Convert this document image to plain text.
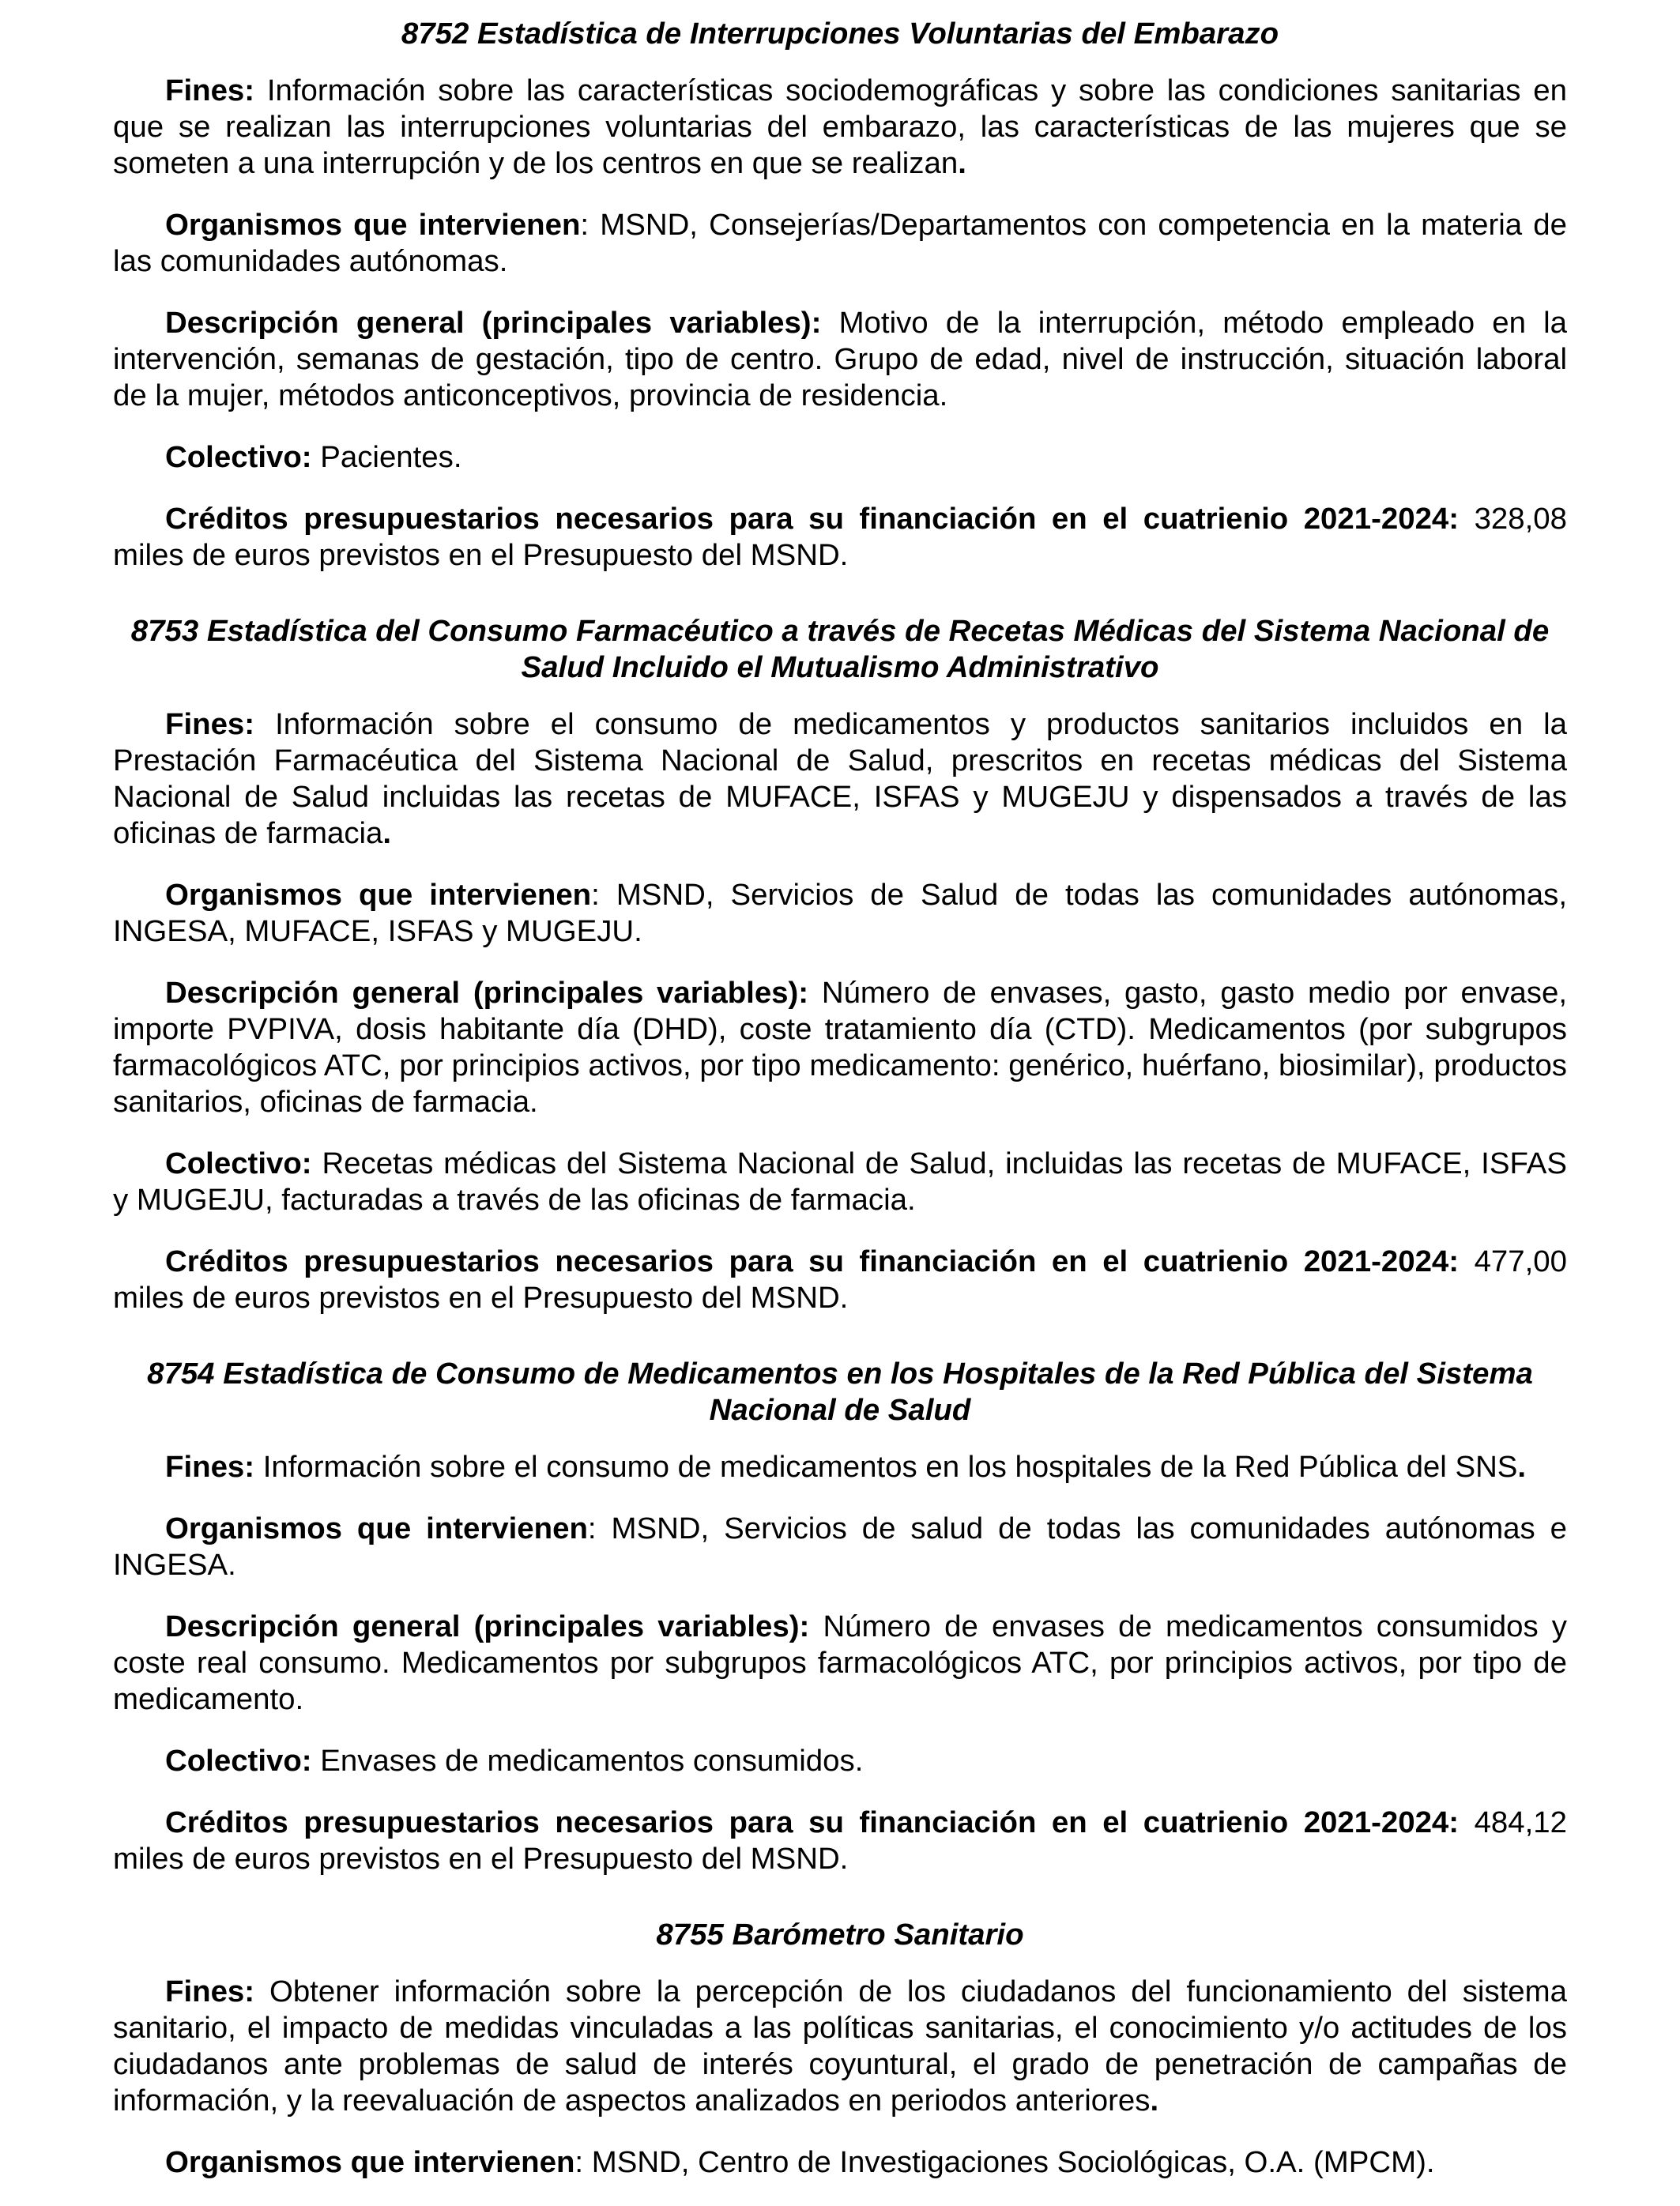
8752 Estadística de Interrupciones Voluntarias del Embarazo

Fines: Información sobre las características sociodemográficas y sobre las condiciones sanitarias en que se realizan las interrupciones voluntarias del embarazo, las características de las mujeres que se someten a una interrupción y de los centros en que se realizan.

Organismos que intervienen: MSND, Consejerías/Departamentos con competencia en la materia de las comunidades autónomas.

Descripción general (principales variables): Motivo de la interrupción, método empleado en la intervención, semanas de gestación, tipo de centro. Grupo de edad, nivel de instrucción, situación laboral de la mujer, métodos anticonceptivos, provincia de residencia.

Colectivo: Pacientes.

Créditos presupuestarios necesarios para su financiación en el cuatrienio 2021-2024: 328,08 miles de euros previstos en el Presupuesto del MSND.

8753 Estadística del Consumo Farmacéutico a través de Recetas Médicas del Sistema Nacional de Salud Incluido el Mutualismo Administrativo

Fines: Información sobre el consumo de medicamentos y productos sanitarios incluidos en la Prestación Farmacéutica del Sistema Nacional de Salud, prescritos en recetas médicas del Sistema Nacional de Salud incluidas las recetas de MUFACE, ISFAS y MUGEJU y dispensados a través de las oficinas de farmacia.

Organismos que intervienen: MSND, Servicios de Salud de todas las comunidades autónomas, INGESA, MUFACE, ISFAS y MUGEJU.

Descripción general (principales variables): Número de envases, gasto, gasto medio por envase, importe PVPIVA, dosis habitante día (DHD), coste tratamiento día (CTD). Medicamentos (por subgrupos farmacológicos ATC, por principios activos, por tipo medicamento: genérico, huérfano, biosimilar), productos sanitarios, oficinas de farmacia.

Colectivo: Recetas médicas del Sistema Nacional de Salud, incluidas las recetas de MUFACE, ISFAS y MUGEJU, facturadas a través de las oficinas de farmacia.

Créditos presupuestarios necesarios para su financiación en el cuatrienio 2021-2024: 477,00 miles de euros previstos en el Presupuesto del MSND.

8754 Estadística de Consumo de Medicamentos en los Hospitales de la Red Pública del Sistema Nacional de Salud

Fines: Información sobre el consumo de medicamentos en los hospitales de la Red Pública del SNS.

Organismos que intervienen: MSND, Servicios de salud de todas las comunidades autónomas e INGESA.

Descripción general (principales variables): Número de envases de medicamentos consumidos y coste real consumo. Medicamentos por subgrupos farmacológicos ATC, por principios activos, por tipo de medicamento.

Colectivo: Envases de medicamentos consumidos.

Créditos presupuestarios necesarios para su financiación en el cuatrienio 2021-2024: 484,12 miles de euros previstos en el Presupuesto del MSND.

8755 Barómetro Sanitario

Fines: Obtener información sobre la percepción de los ciudadanos del funcionamiento del sistema sanitario, el impacto de medidas vinculadas a las políticas sanitarias, el conocimiento y/o actitudes de los ciudadanos ante problemas de salud de interés coyuntural, el grado de penetración de campañas de información, y la reevaluación de aspectos analizados en periodos anteriores.

Organismos que intervienen: MSND, Centro de Investigaciones Sociológicas, O.A. (MPCM).
